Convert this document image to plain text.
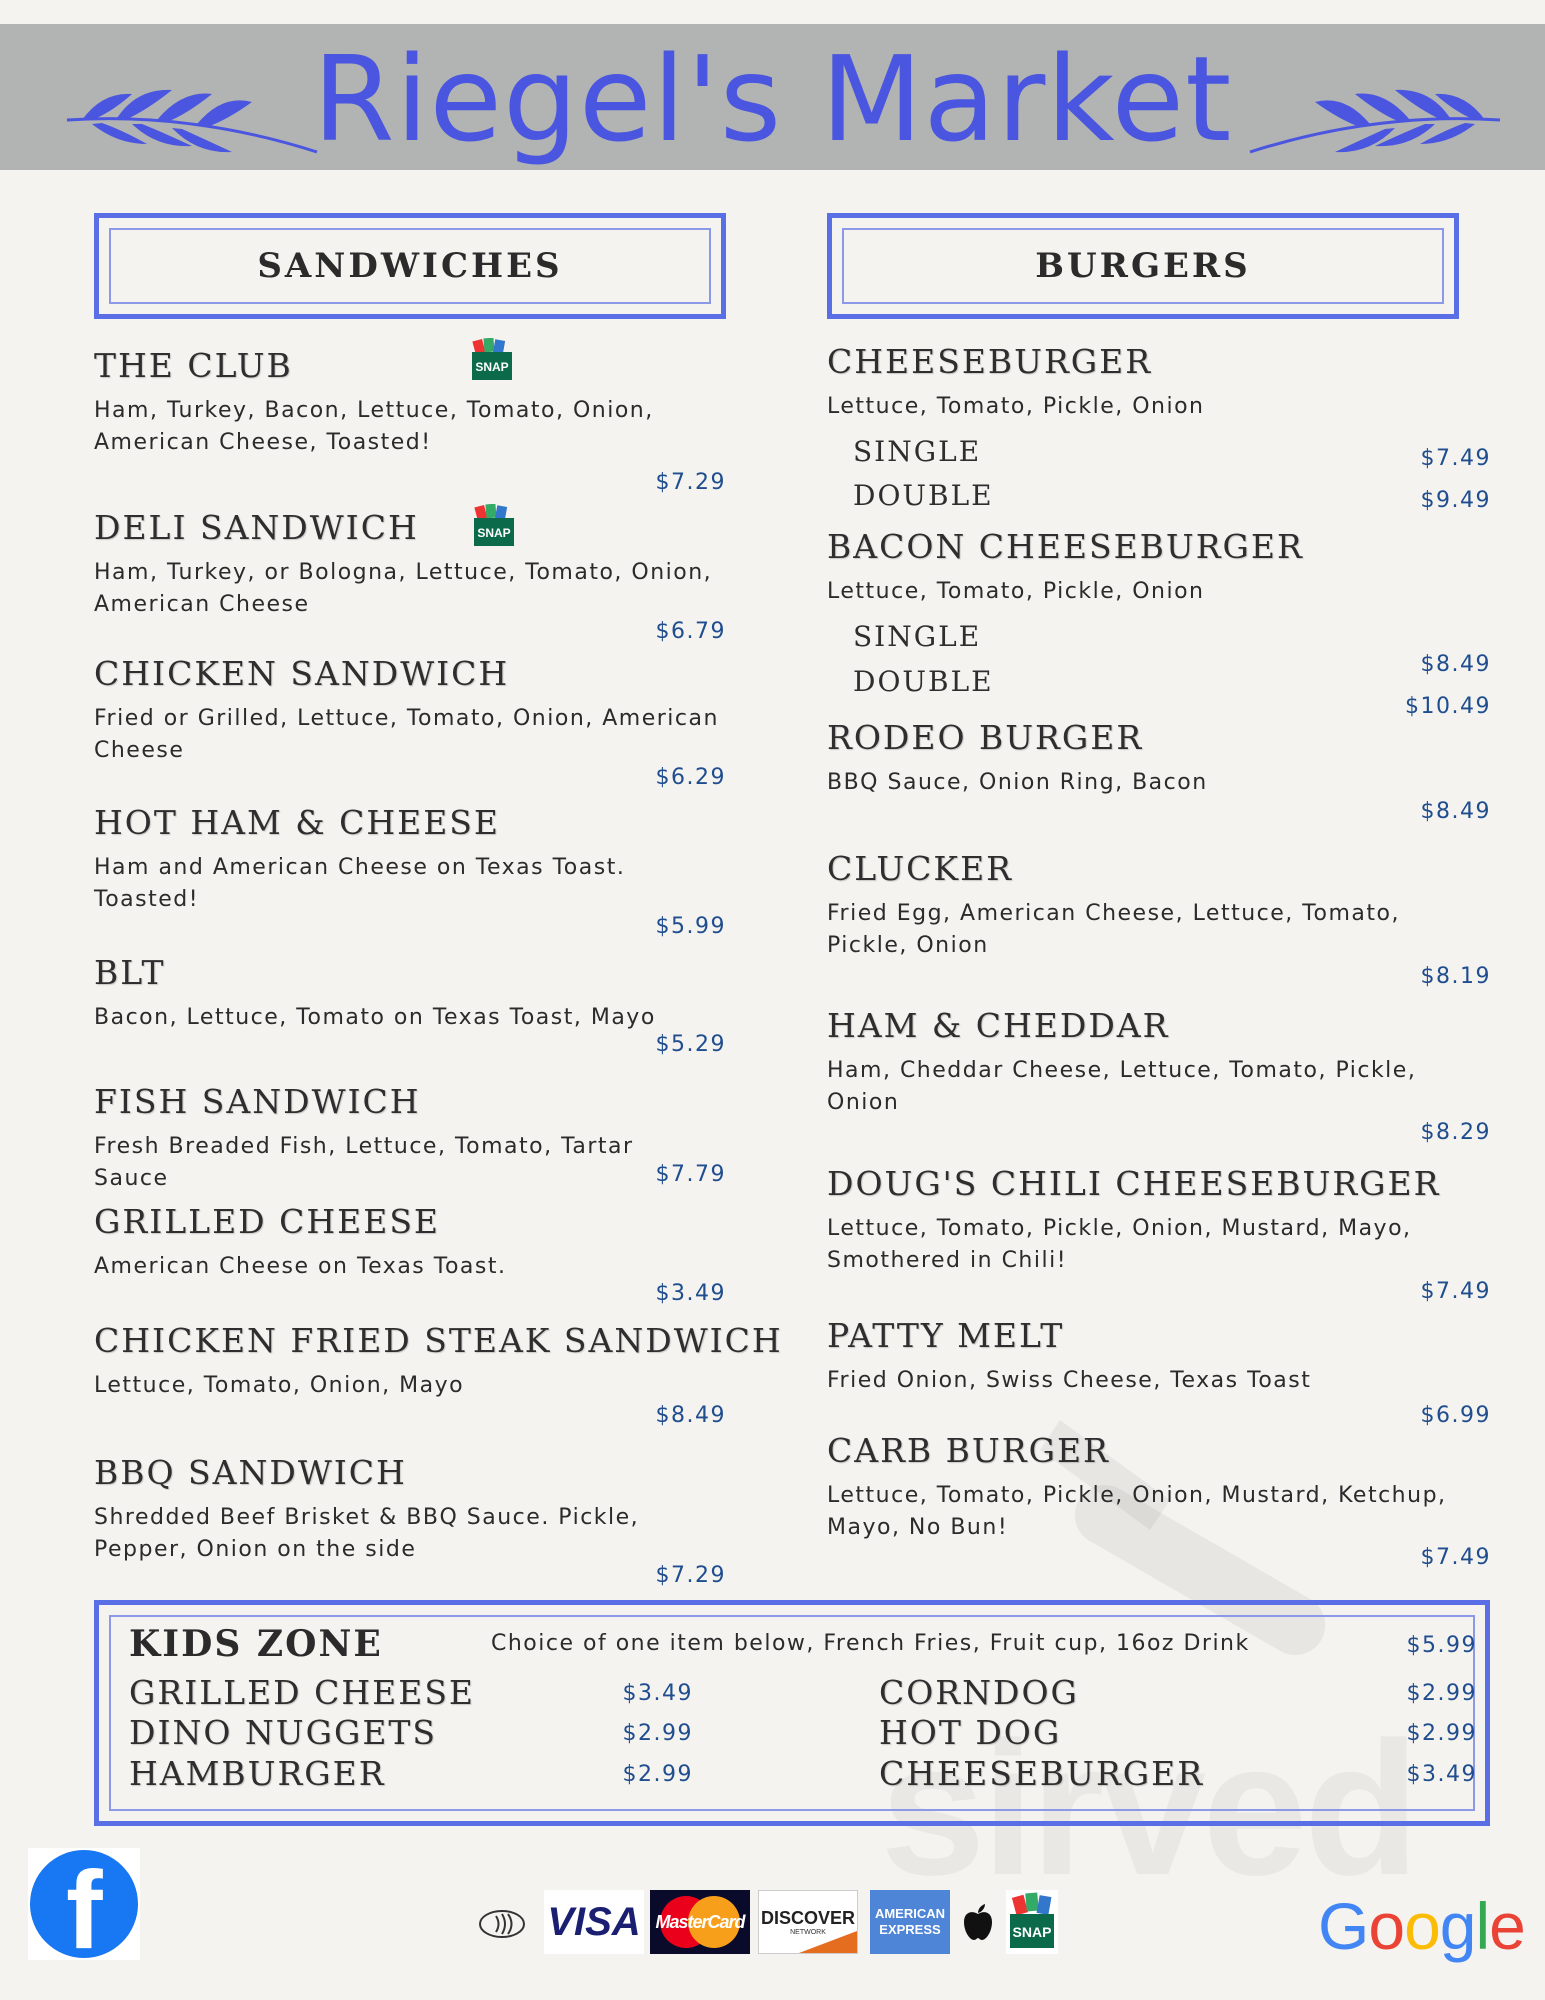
Riegel's Market
SANDWICHES	BURGERS
THE CLUB
Ham, Turkey, Bacon, Lettuce, Tomato, Onion, American Cheese, Toasted!
$7.29
DELI SANDWICH
Ham, Turkey, or Bologna, Lettuce, Tomato, Onion, American Cheese
$6.79
CHICKEN SANDWICH
Fried or Grilled, Lettuce, Tomato, Onion, American Cheese
$6.29
HOT HAM & CHEESE
Ham and American Cheese on Texas Toast. Toasted!
$5.99
BLT
Bacon, Lettuce, Tomato on Texas Toast, Mayo
$5.29
FISH SANDWICH
Fresh Breaded Fish, Lettuce, Tomato, Tartar Sauce	$7.79
GRILLED CHEESE
American Cheese on Texas Toast.
$3.49
CHICKEN FRIED STEAK SANDWICH
Lettuce, Tomato, Onion, Mayo
$8.49
BBQ SANDWICH
Shredded Beef Brisket & BBQ Sauce. Pickle, Pepper, Onion on the side
$7.29
SNAP
SNAP
CHEESEBURGER
Lettuce, Tomato, Pickle, Onion
SINGLE	$7.49
DOUBLE	$9.49
BACON CHEESEBURGER
Lettuce, Tomato, Pickle, Onion
SINGLE
$8.49
DOUBLE
$10.49
RODEO BURGER
BBQ Sauce, Onion Ring, Bacon
$8.49
CLUCKER
Fried Egg, American Cheese, Lettuce, Tomato, Pickle, Onion
$8.19
HAM & CHEDDAR
Ham, Cheddar Cheese, Lettuce, Tomato, Pickle, Onion
$8.29
DOUG'S CHILI CHEESEBURGER
Lettuce, Tomato, Pickle, Onion, Mustard, Mayo, Smothered in Chili!
$7.49
PATTY MELT
Fried Onion, Swiss Cheese, Texas Toast
$6.99
CARB BURGER
Lettuce, Tomato, Pickle, Onion, Mustard, Ketchup, Mayo, No Bun!
$7.49
KIDS ZONE	Choice of one item below, French Fries, Fruit cup, 16oz Drink	$5.99
GRILLED CHEESE	$3.49
DINO NUGGETS	$2.99
HAMBURGER	$2.99
CORNDOG	$2.99
HOT DOG	$2.99
CHEESEBURGER	$3.49
f	VISA MasterCard DISCOVER
NETWORK
AMERICAN
EXPRESS	SNAP	Google
